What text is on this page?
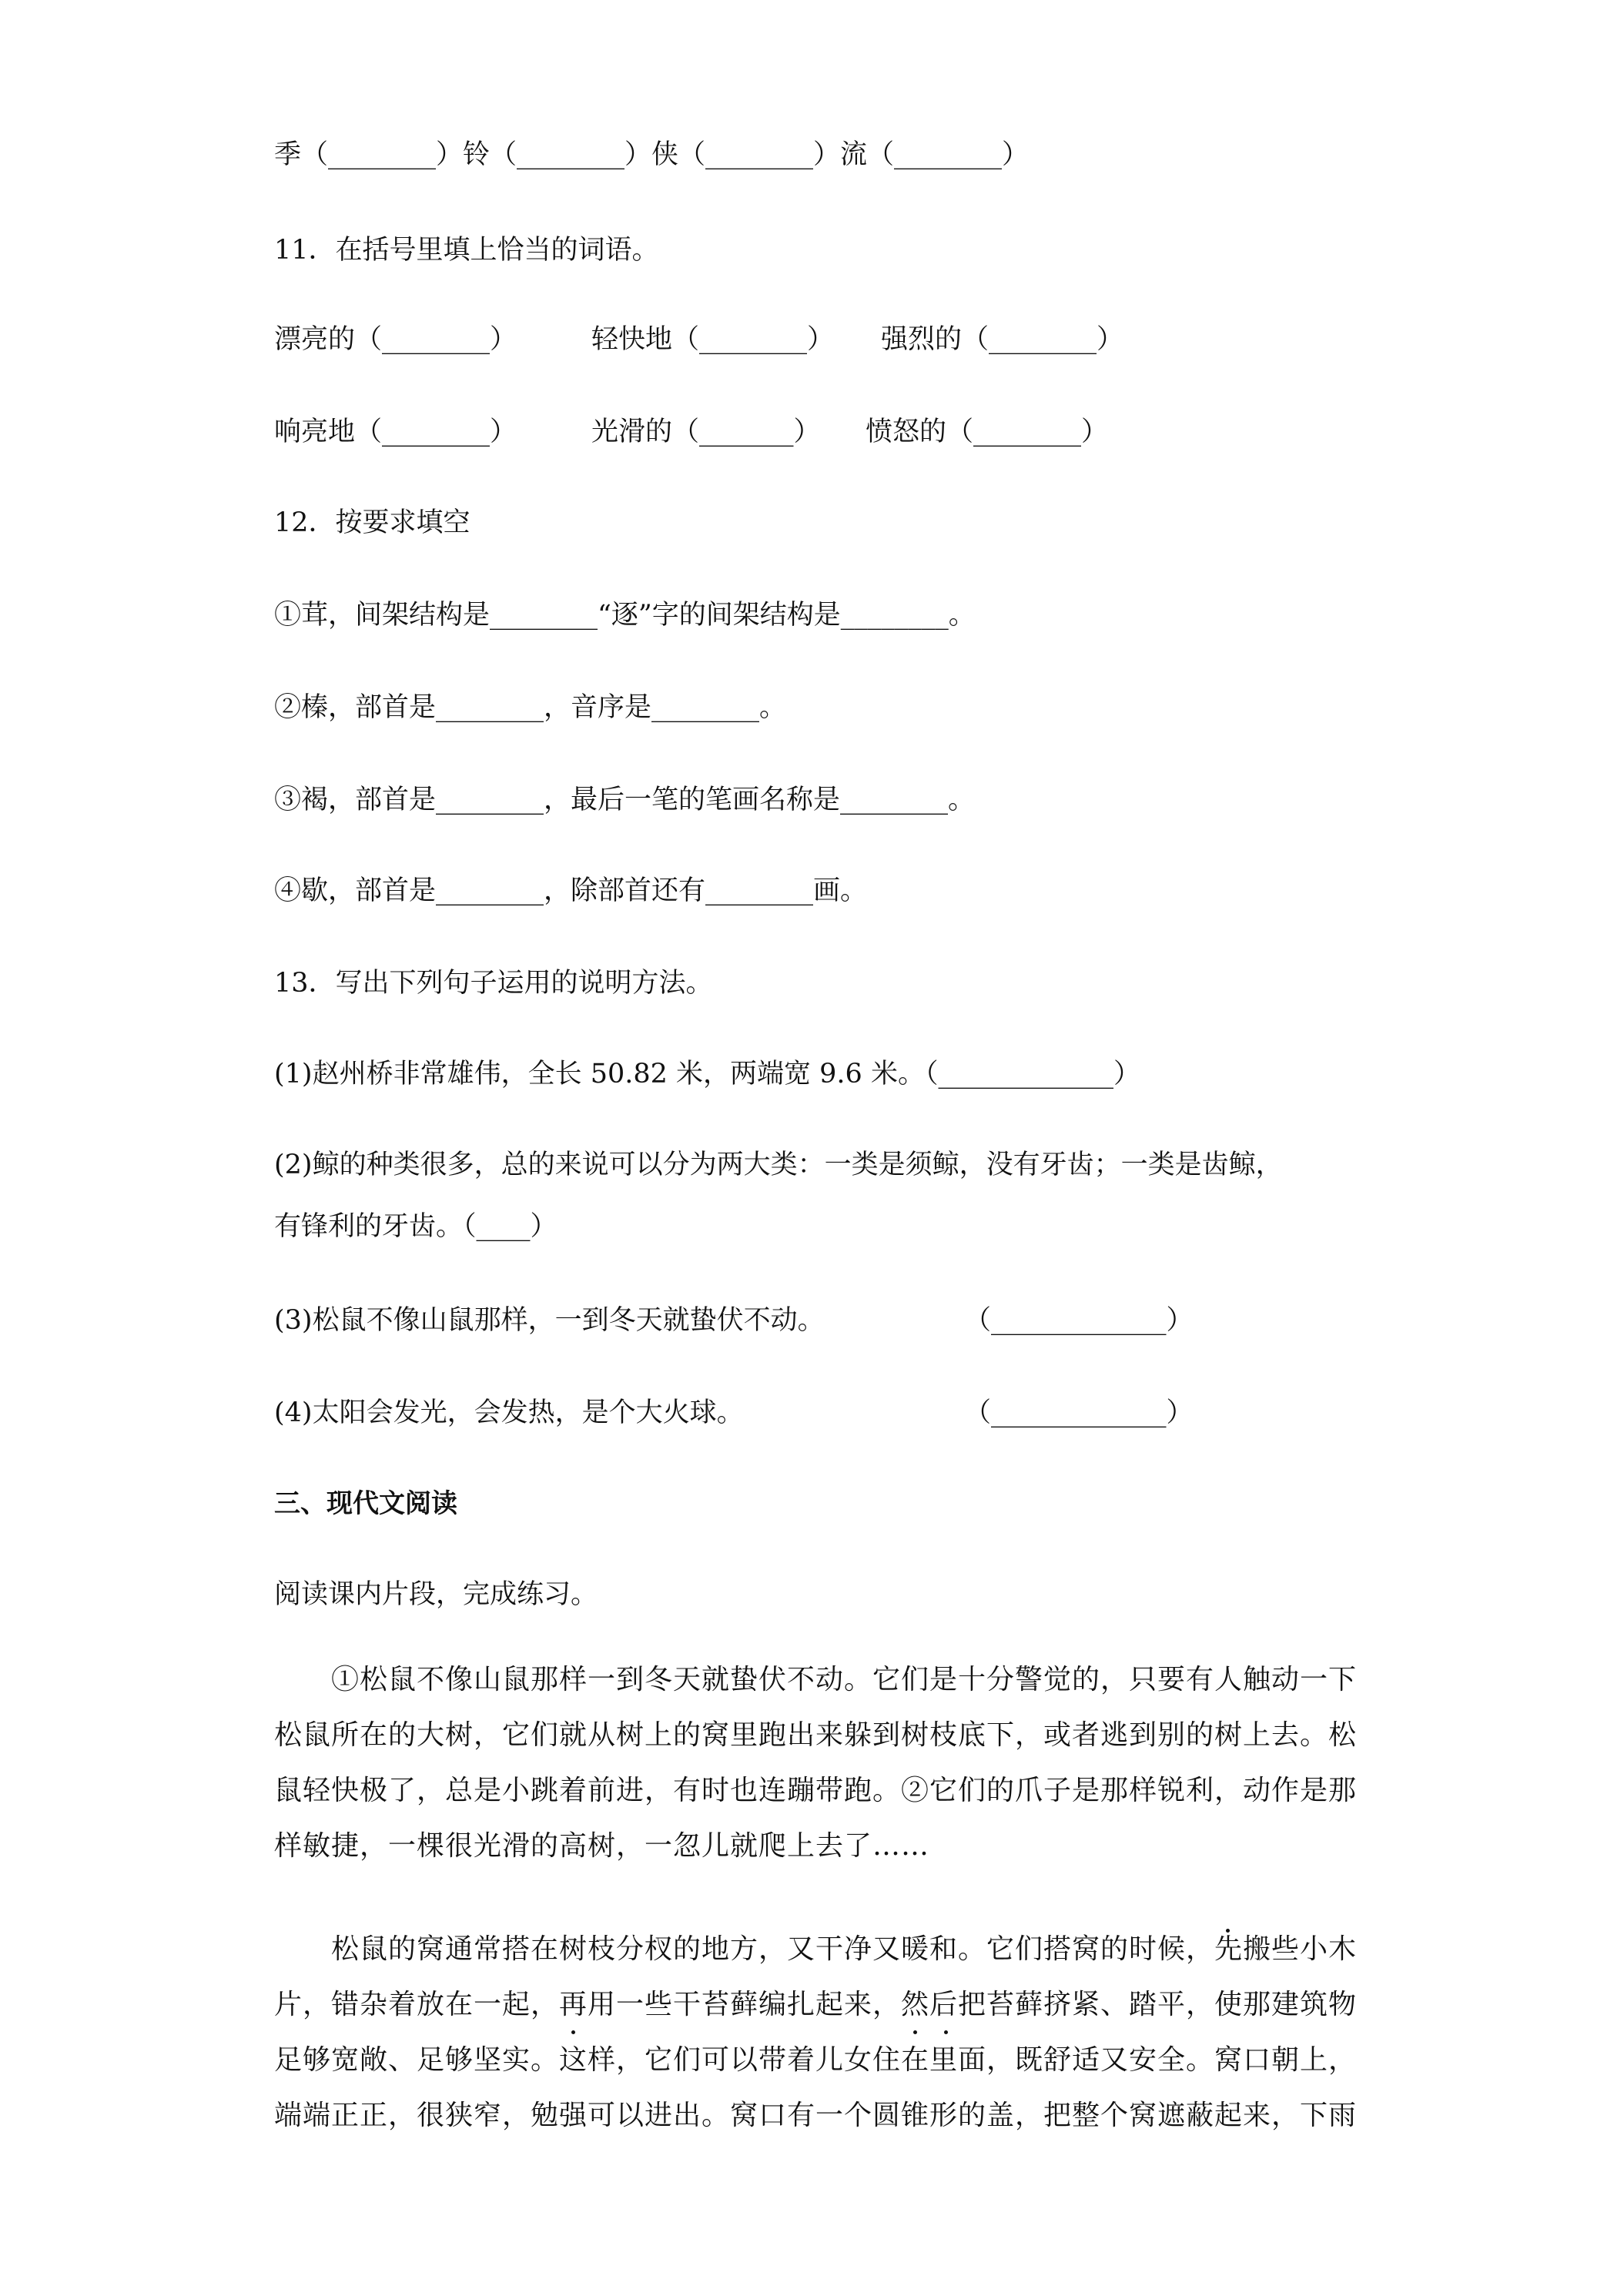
季（________）铃（________）侠（________）流（________）
11．在括号里填上恰当的词语。
漂亮的（________）	轻快地（________） 强烈的（________）
响亮地（________）	光滑的（_______） 愤怒的（________）
12．按要求填空
①茸，间架结构是________“逐”字的间架结构是________。
②榛，部首是________，音序是________。
③褐，部首是________，最后一笔的笔画名称是________。
④歇，部首是________，除部首还有________画。
13．写出下列句子运用的说明方法。
(1)赵州桥非常雄伟，全长 50.82 米，两端宽 9.6 米。（_____________）
(2)鲸的种类很多，总的来说可以分为两大类：一类是须鲸，没有牙齿；一类是齿鲸，
有锋利的牙齿。（____）
(3)松鼠不像山鼠那样，一到冬天就蛰伏不动。	（_____________）
(4)太阳会发光，会发热，是个大火球。	（_____________）
三、现代文阅读
阅读课内片段，完成练习。
　　①松鼠不像山鼠那样一到冬天就蛰伏不动。它们是十分警觉的，只要有人触动一下
松鼠所在的大树，它们就从树上的窝里跑出来躲到树枝底下，或者逃到别的树上去。松
鼠轻快极了，总是小跳着前进，有时也连蹦带跑。②它们的爪子是那样锐利，动作是那
样敏捷，一棵很光滑的高树，一忽儿就爬上去了……
　　松鼠的窝通常搭在树枝分杈的地方，又干净又暖和。它们搭窝的时候，先搬些小木
片，错杂着放在一起，再用一些干苔藓编扎起来，然后把苔藓挤紧、踏平，使那建筑物
足够宽敞、足够坚实。这样，它们可以带着儿女住在里面，既舒适又安全。窝口朝上，
端端正正，很狭窄，勉强可以进出。窝口有一个圆锥形的盖，把整个窝遮蔽起来，下雨
